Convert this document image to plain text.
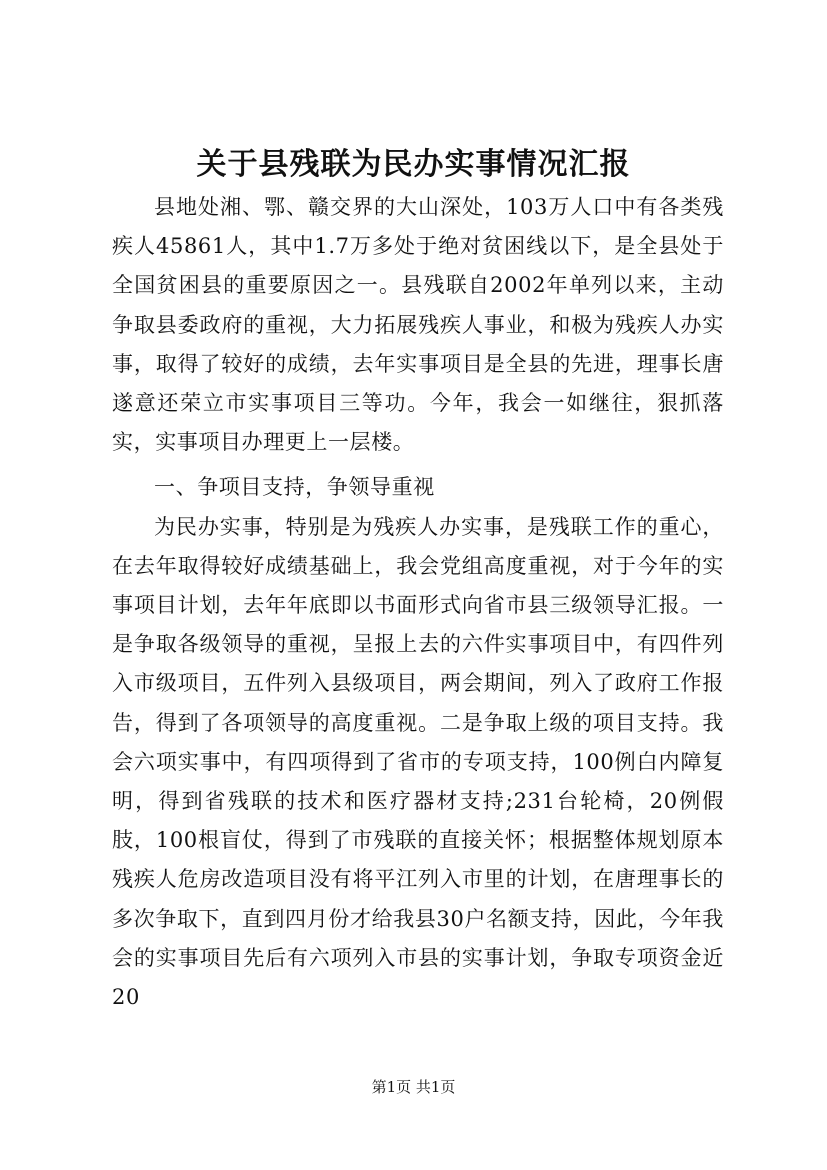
关于县残联为民办实事情况汇报

县地处湘、鄂、赣交界的大山深处，103万人口中有各类残疾人45861人，其中1.7万多处于绝对贫困线以下，是全县处于全国贫困县的重要原因之一。县残联自2002年单列以来，主动争取县委政府的重视，大力拓展残疾人事业，和极为残疾人办实事，取得了较好的成绩，去年实事项目是全县的先进，理事长唐遂意还荣立市实事项目三等功。今年，我会一如继往，狠抓落实，实事项目办理更上一层楼。

一、争项目支持，争领导重视

为民办实事，特别是为残疾人办实事，是残联工作的重心，在去年取得较好成绩基础上，我会党组高度重视，对于今年的实事项目计划，去年年底即以书面形式向省市县三级领导汇报。一是争取各级领导的重视，呈报上去的六件实事项目中，有四件列入市级项目，五件列入县级项目，两会期间，列入了政府工作报告，得到了各项领导的高度重视。二是争取上级的项目支持。我会六项实事中，有四项得到了省市的专项支持，100例白内障复明，得到省残联的技术和医疗器材支持;231台轮椅，20例假肢，100根盲仗，得到了市残联的直接关怀；根据整体规划原本残疾人危房改造项目没有将平江列入市里的计划，在唐理事长的多次争取下，直到四月份才给我县30户名额支持，因此，今年我会的实事项目先后有六项列入市县的实事计划，争取专项资金近20

第1页 共1页
